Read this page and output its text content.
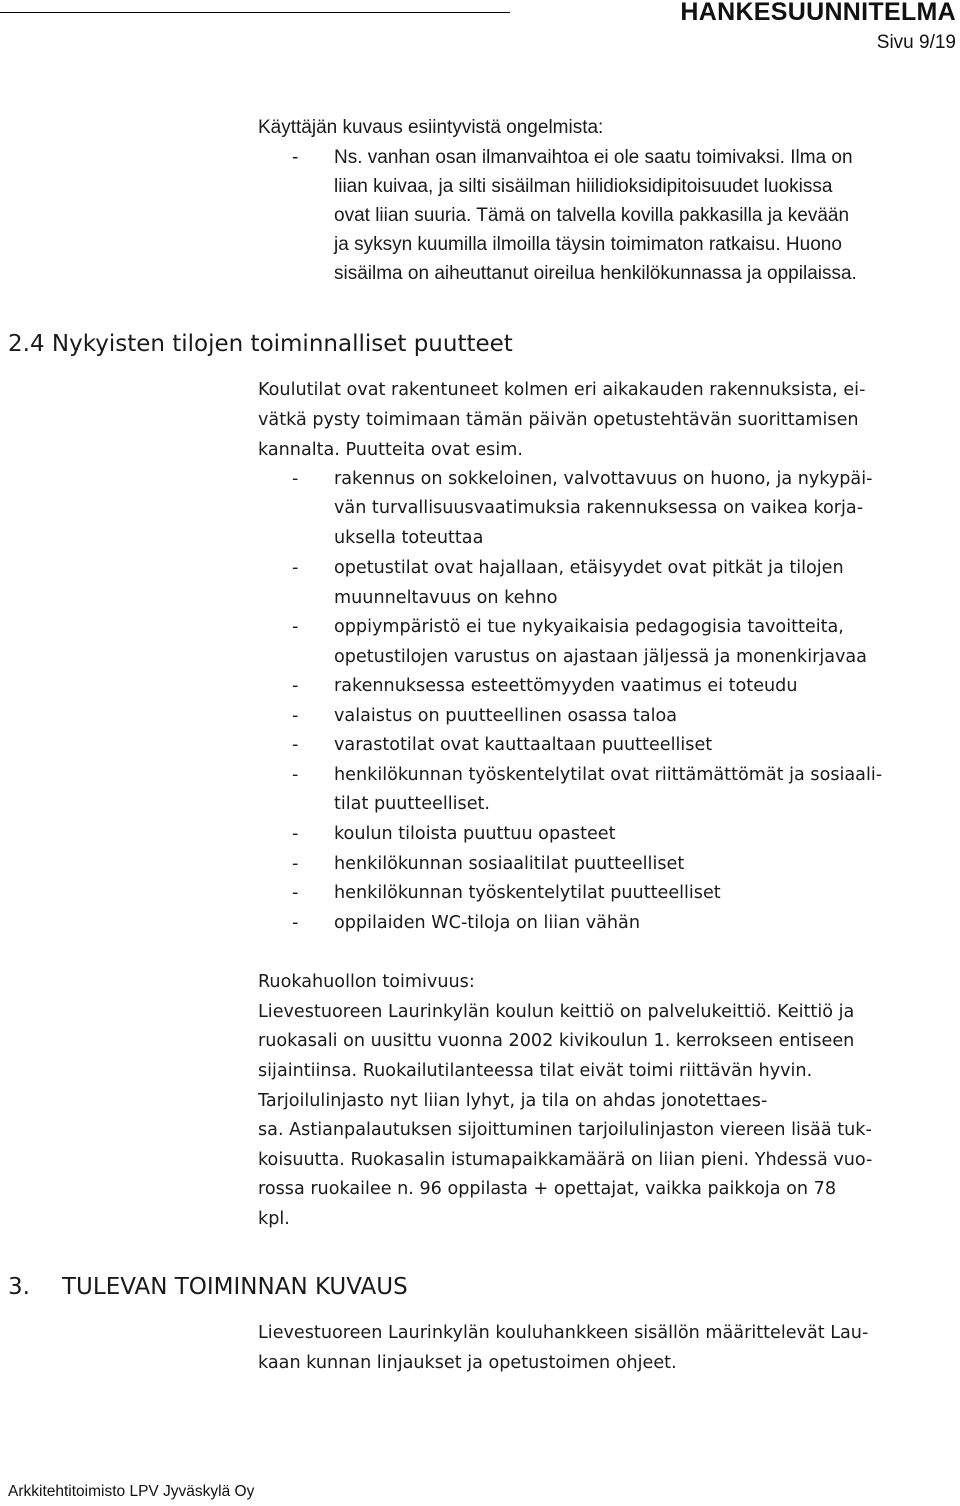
HANKESUUNNITELMA
Sivu 9/19
Käyttäjän kuvaus esiintyvistä ongelmista:
- Ns. vanhan osan ilmanvaihtoa ei ole saatu toimivaksi. Ilma on
liian kuivaa, ja silti sisäilman hiilidioksidipitoisuudet luokissa
ovat liian suuria. Tämä on talvella kovilla pakkasilla ja kevään
ja syksyn kuumilla ilmoilla täysin toimimaton ratkaisu. Huono
sisäilma on aiheuttanut oireilua henkilökunnassa ja oppilaissa.
2.4 Nykyisten tilojen toiminnalliset puutteet
Koulutilat ovat rakentuneet kolmen eri aikakauden rakennuksista, ei-
vätkä pysty toimimaan tämän päivän opetustehtävän suorittamisen
kannalta. Puutteita ovat esim.
- rakennus on sokkeloinen, valvottavuus on huono, ja nykypäi-
vän turvallisuusvaatimuksia rakennuksessa on vaikea korja-
uksella toteuttaa
- opetustilat ovat hajallaan, etäisyydet ovat pitkät ja tilojen
muunneltavuus on kehno
- oppiympäristö ei tue nykyaikaisia pedagogisia tavoitteita,
opetustilojen varustus on ajastaan jäljessä ja monenkirjavaa
- rakennuksessa esteettömyyden vaatimus ei toteudu
- valaistus on puutteellinen osassa taloa
- varastotilat ovat kauttaaltaan puutteelliset
- henkilökunnan työskentelytilat ovat riittämättömät ja sosiaali-
tilat puutteelliset.
- koulun tiloista puuttuu opasteet
- henkilökunnan sosiaalitilat puutteelliset
- henkilökunnan työskentelytilat puutteelliset
- oppilaiden WC-tiloja on liian vähän
Ruokahuollon toimivuus:
Lievestuoreen Laurinkylän koulun keittiö on palvelukeittiö. Keittiö ja
ruokasali on uusittu vuonna 2002 kivikoulun 1. kerrokseen entiseen
sijaintiinsa. Ruokailutilanteessa tilat eivät toimi riittävän hyvin.
Tarjoilulinjasto nyt liian lyhyt, ja tila on ahdas jonotettaes-
sa. Astianpalautuksen sijoittuminen tarjoilulinjaston viereen lisää tuk-
koisuutta. Ruokasalin istumapaikkamäärä on liian pieni. Yhdessä vuo-
rossa ruokailee n. 96 oppilasta + opettajat, vaikka paikkoja on 78
kpl.
3. TULEVAN TOIMINNAN KUVAUS
Lievestuoreen Laurinkylän kouluhankkeen sisällön määrittelevät Lau-
kaan kunnan linjaukset ja opetustoimen ohjeet.
Arkkitehtitoimisto LPV Jyväskylä Oy
